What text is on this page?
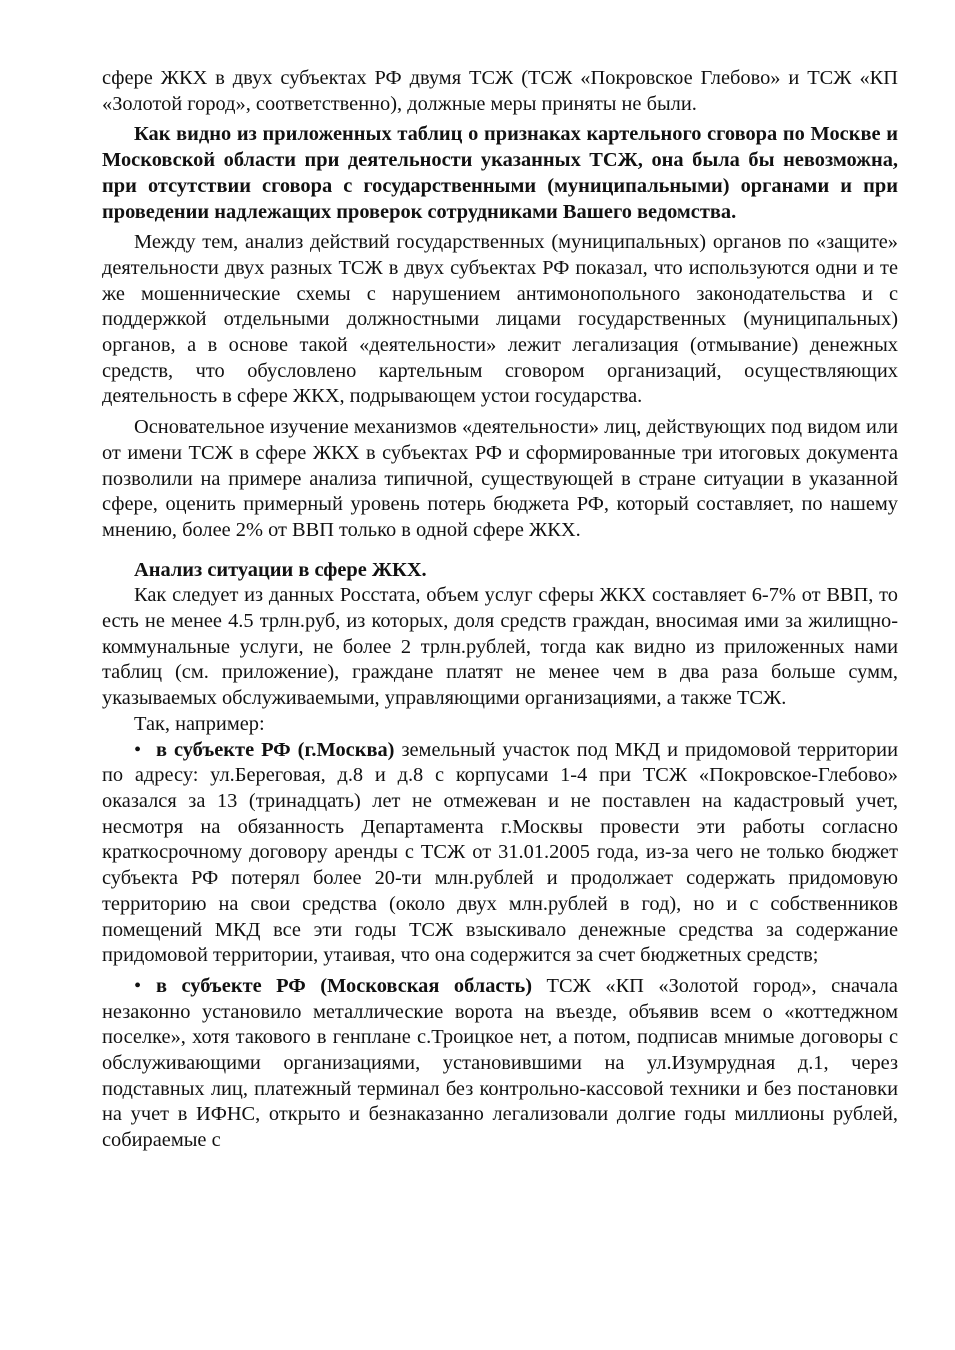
сфере ЖКХ в двух субъектах РФ двумя ТСЖ (ТСЖ «Покровское Глебово» и ТСЖ «КП «Золотой город», соответственно), должные меры приняты не были.

Как видно из приложенных таблиц о признаках картельного сговора по Москве и Московской области при деятельности указанных ТСЖ, она была бы невозможна, при отсутствии сговора с государственными (муниципальными) органами и при проведении надлежащих проверок сотрудниками Вашего ведомства.

Между тем, анализ действий государственных (муниципальных) органов по «защите» деятельности двух разных ТСЖ в двух субъектах РФ показал, что используются одни и те же мошеннические схемы с нарушением антимонопольного законодательства и с поддержкой отдельными должностными лицами государственных (муниципальных) органов, а в основе такой «деятельности» лежит легализация (отмывание) денежных средств, что обусловлено картельным сговором организаций, осуществляющих деятельность в сфере ЖКХ, подрывающем устои государства.

Основательное изучение механизмов «деятельности» лиц, действующих под видом или от имени ТСЖ в сфере ЖКХ в субъектах РФ и сформированные три итоговых документа позволили на примере анализа типичной, существующей в стране ситуации в указанной сфере, оценить примерный уровень потерь бюджета РФ, который составляет, по нашему мнению, более 2% от ВВП только в одной сфере ЖКХ.

Анализ ситуации в сфере ЖКХ.

Как следует из данных Росстата, объем услуг сферы ЖКХ составляет 6-7% от ВВП, то есть не менее 4.5 трлн.руб, из которых, доля средств граждан, вносимая ими за жилищно-коммунальные услуги, не более 2 трлн.рублей, тогда как видно из приложенных нами таблиц (см. приложение), граждане платят не менее чем в два раза больше сумм, указываемых обслуживаемыми, управляющими организациями, а также ТСЖ.

Так, например:

• в субъекте РФ (г.Москва) земельный участок под МКД и придомовой территории по адресу: ул.Береговая, д.8 и д.8 с корпусами 1-4 при ТСЖ «Покровское-Глебово» оказался за 13 (тринадцать) лет не отмежеван и не поставлен на кадастровый учет, несмотря на обязанность Департамента г.Москвы провести эти работы согласно краткосрочному договору аренды с ТСЖ от 31.01.2005 года, из-за чего не только бюджет субъекта РФ потерял более 20-ти млн.рублей и продолжает содержать придомовую территорию на свои средства (около двух млн.рублей в год), но и с собственников помещений МКД все эти годы ТСЖ взыскивало денежные средства за содержание придомовой территории, утаивая, что она содержится за счет бюджетных средств;

• в субъекте РФ (Московская область) ТСЖ «КП «Золотой город», сначала незаконно установило металлические ворота на въезде, объявив всем о «коттеджном поселке», хотя такового в генплане с.Троицкое нет, а потом, подписав мнимые договоры с обслуживающими организациями, установившими на ул.Изумрудная д.1, через подставных лиц, платежный терминал без контрольно-кассовой техники и без постановки на учет в ИФНС, открыто и безнаказанно легализовали долгие годы миллионы рублей, собираемые с
